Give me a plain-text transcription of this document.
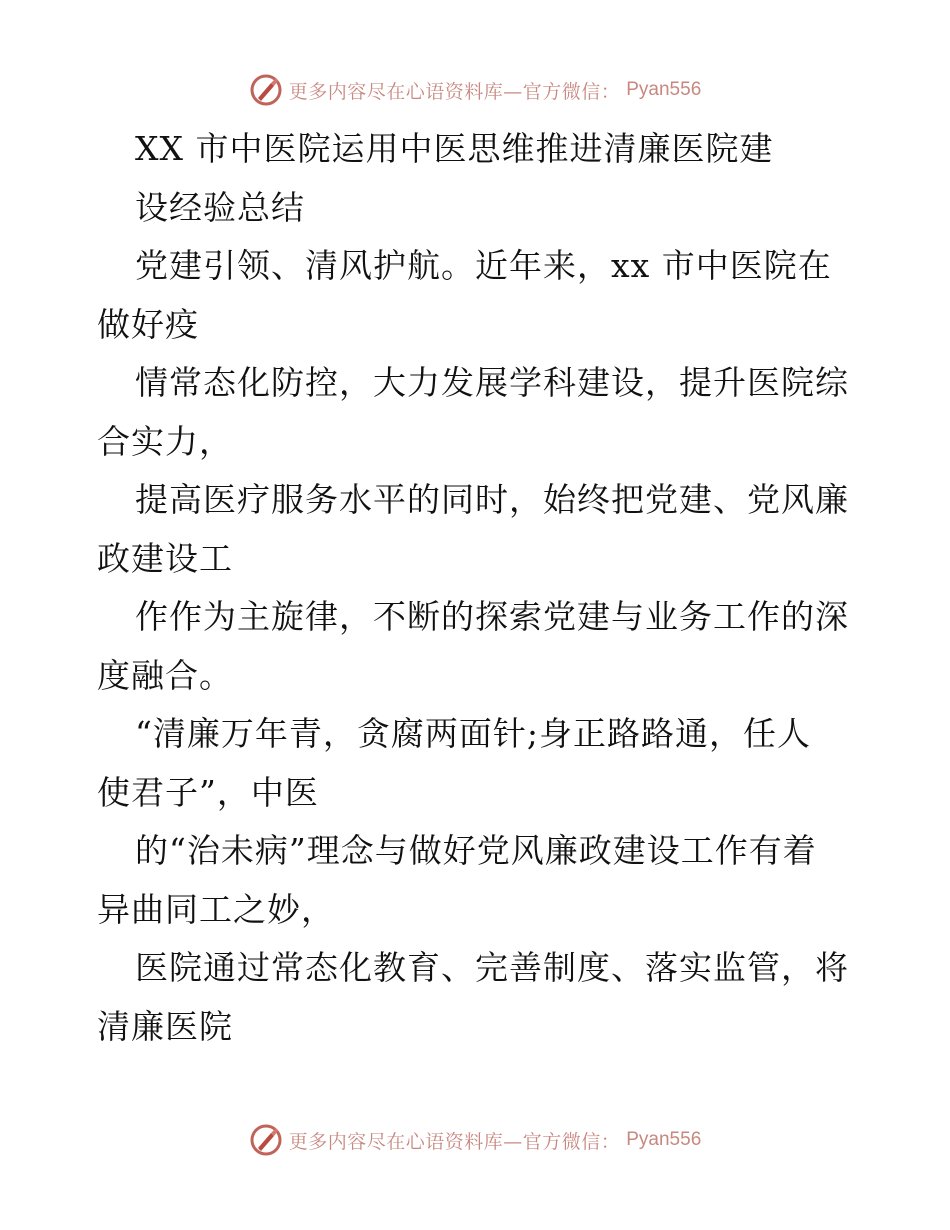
更多内容尽在心语资料库—官方微信： Pyan556
XX 市中医院运用中医思维推进清廉医院建
设经验总结
党建引领、清风护航。近年来，xx 市中医院在
做好疫
情常态化防控，大力发展学科建设，提升医院综
合实力，
提高医疗服务水平的同时，始终把党建、党风廉
政建设工
作作为主旋律，不断的探索党建与业务工作的深
度融合。
“清廉万年青，贪腐两面针;身正路路通，任人
使君子”，中医
的“治未病”理念与做好党风廉政建设工作有着
异曲同工之妙，
医院通过常态化教育、完善制度、落实监管，将
清廉医院
更多内容尽在心语资料库—官方微信： Pyan556
